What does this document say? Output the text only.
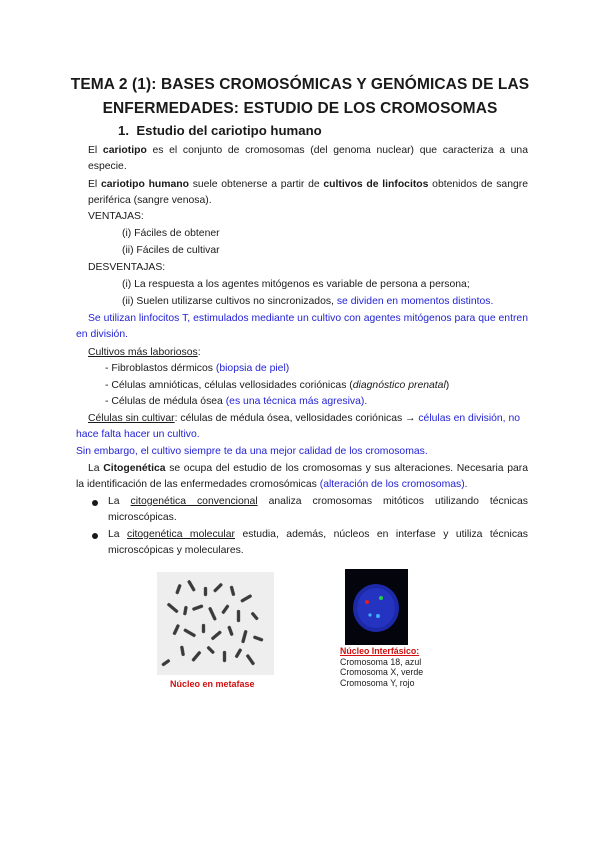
TEMA 2 (1): BASES CROMOSÓMICAS Y GENÓMICAS DE LAS
ENFERMEDADES: ESTUDIO DE LOS CROMOSOMAS
1. Estudio del cariotipo humano
El cariotipo es el conjunto de cromosomas (del genoma nuclear) que caracteriza a una especie.
El cariotipo humano suele obtenerse a partir de cultivos de linfocitos obtenidos de sangre periférica (sangre venosa).
VENTAJAS:
(i) Fáciles de obtener
(ii) Fáciles de cultivar
DESVENTAJAS:
(i) La respuesta a los agentes mitógenos es variable de persona a persona;
(ii) Suelen utilizarse cultivos no sincronizados, se dividen en momentos distintos.
Se utilizan linfocitos T, estimulados mediante un cultivo con agentes mitógenos para que entren en división.
Cultivos más laboriosos:
- Fibroblastos dérmicos (biopsia de piel)
- Células amnióticas, células vellosidades coriónicas (diagnóstico prenatal)
- Células de médula ósea (es una técnica más agresiva).
Células sin cultivar: células de médula ósea, vellosidades coriónicas → células en división, no hace falta hacer un cultivo.
Sin embargo, el cultivo siempre te da una mejor calidad de los cromosomas.
La Citogenética se ocupa del estudio de los cromosomas y sus alteraciones. Necesaria para la identificación de las enfermedades cromosómicas (alteración de los cromosomas).
La citogenética convencional analiza cromosomas mitóticos utilizando técnicas microscópicas.
La citogenética molecular estudia, además, núcleos en interfase y utiliza técnicas microscópicas y moleculares.
Núcleo en metafase
Núcleo Interfásico:
Cromosoma 18, azul
Cromosoma X, verde
Cromosoma Y, rojo
